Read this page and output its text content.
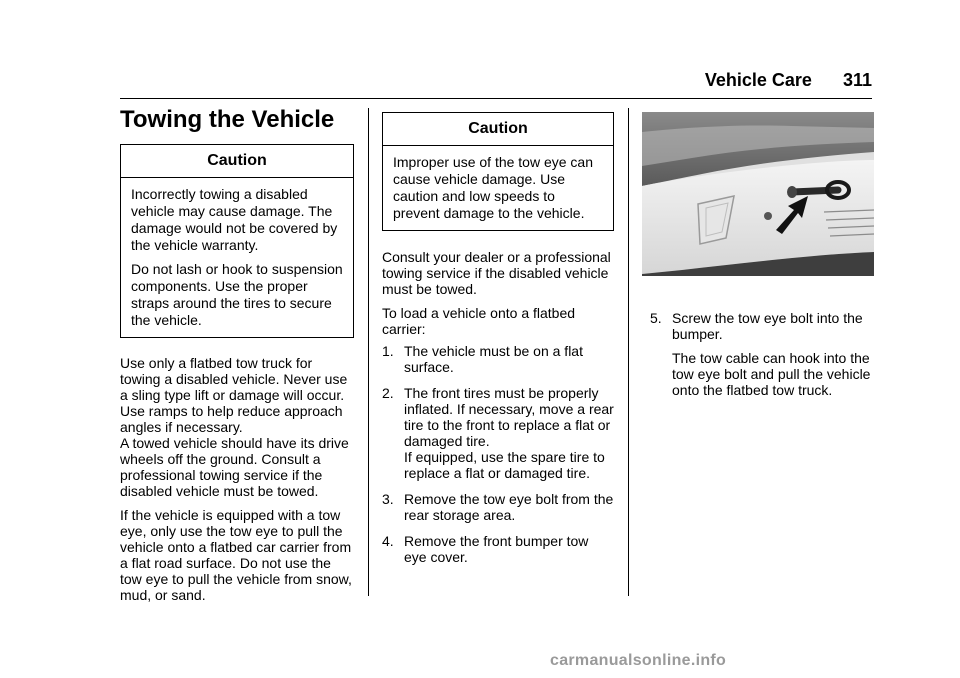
Vehicle Care 311
Towing the Vehicle
Caution

Incorrectly towing a disabled vehicle may cause damage. The damage would not be covered by the vehicle warranty.

Do not lash or hook to suspension components. Use the proper straps around the tires to secure the vehicle.

Use only a flatbed tow truck for towing a disabled vehicle. Never use a sling type lift or damage will occur. Use ramps to help reduce approach angles if necessary.

A towed vehicle should have its drive wheels off the ground. Consult a professional towing service if the disabled vehicle must be towed.

If the vehicle is equipped with a tow eye, only use the tow eye to pull the vehicle onto a flatbed car carrier from a flat road surface. Do not use the tow eye to pull the vehicle from snow, mud, or sand.

Caution

Improper use of the tow eye can cause vehicle damage. Use caution and low speeds to prevent damage to the vehicle.

Consult your dealer or a professional towing service if the disabled vehicle must be towed.

To load a vehicle onto a flatbed carrier:

1. The vehicle must be on a flat surface.
2. The front tires must be properly inflated. If necessary, move a rear tire to the front to replace a flat or damaged tire.
If equipped, use the spare tire to replace a flat or damaged tire.
3. Remove the tow eye bolt from the rear storage area.
4. Remove the front bumper tow eye cover.
5. Screw the tow eye bolt into the bumper.

The tow cable can hook into the tow eye bolt and pull the vehicle onto the flatbed tow truck.

carmanualsonline.info
